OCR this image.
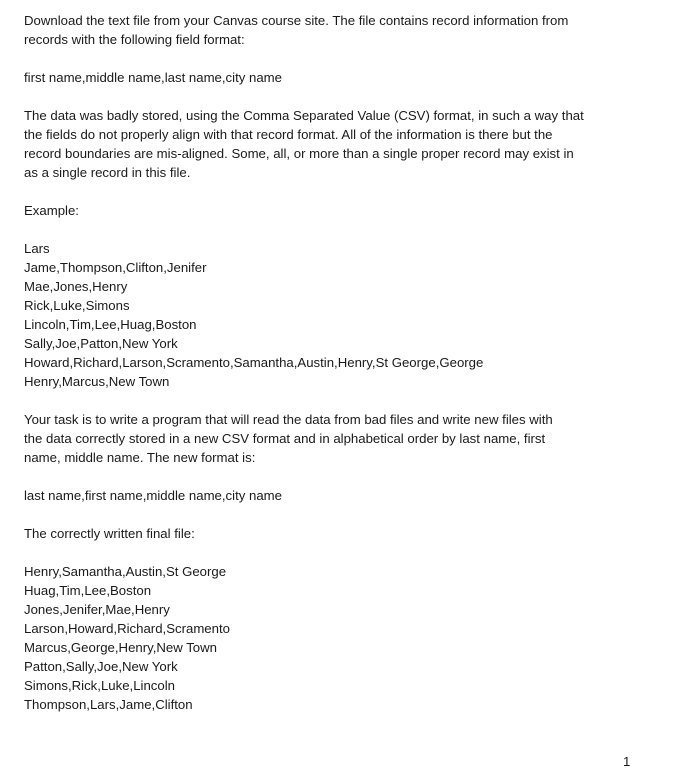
Download the text file from your Canvas course site. The file contains record information from
records with the following field format:
first name,middle name,last name,city name
The data was badly stored, using the Comma Separated Value (CSV) format, in such a way that
the fields do not properly align with that record format. All of the information is there but the
record boundaries are mis-aligned. Some, all, or more than a single proper record may exist in
as a single record in this file.
Example:
Lars
Jame,Thompson,Clifton,Jenifer
Mae,Jones,Henry
Rick,Luke,Simons
Lincoln,Tim,Lee,Huag,Boston
Sally,Joe,Patton,New York
Howard,Richard,Larson,Scramento,Samantha,Austin,Henry,St George,George
Henry,Marcus,New Town
Your task is to write a program that will read the data from bad files and write new files with
the data correctly stored in a new CSV format and in alphabetical order by last name, first
name, middle name. The new format is:
last name,first name,middle name,city name
The correctly written final file:
Henry,Samantha,Austin,St George
Huag,Tim,Lee,Boston
Jones,Jenifer,Mae,Henry
Larson,Howard,Richard,Scramento
Marcus,George,Henry,New Town
Patton,Sally,Joe,New York
Simons,Rick,Luke,Lincoln
Thompson,Lars,Jame,Clifton
1
